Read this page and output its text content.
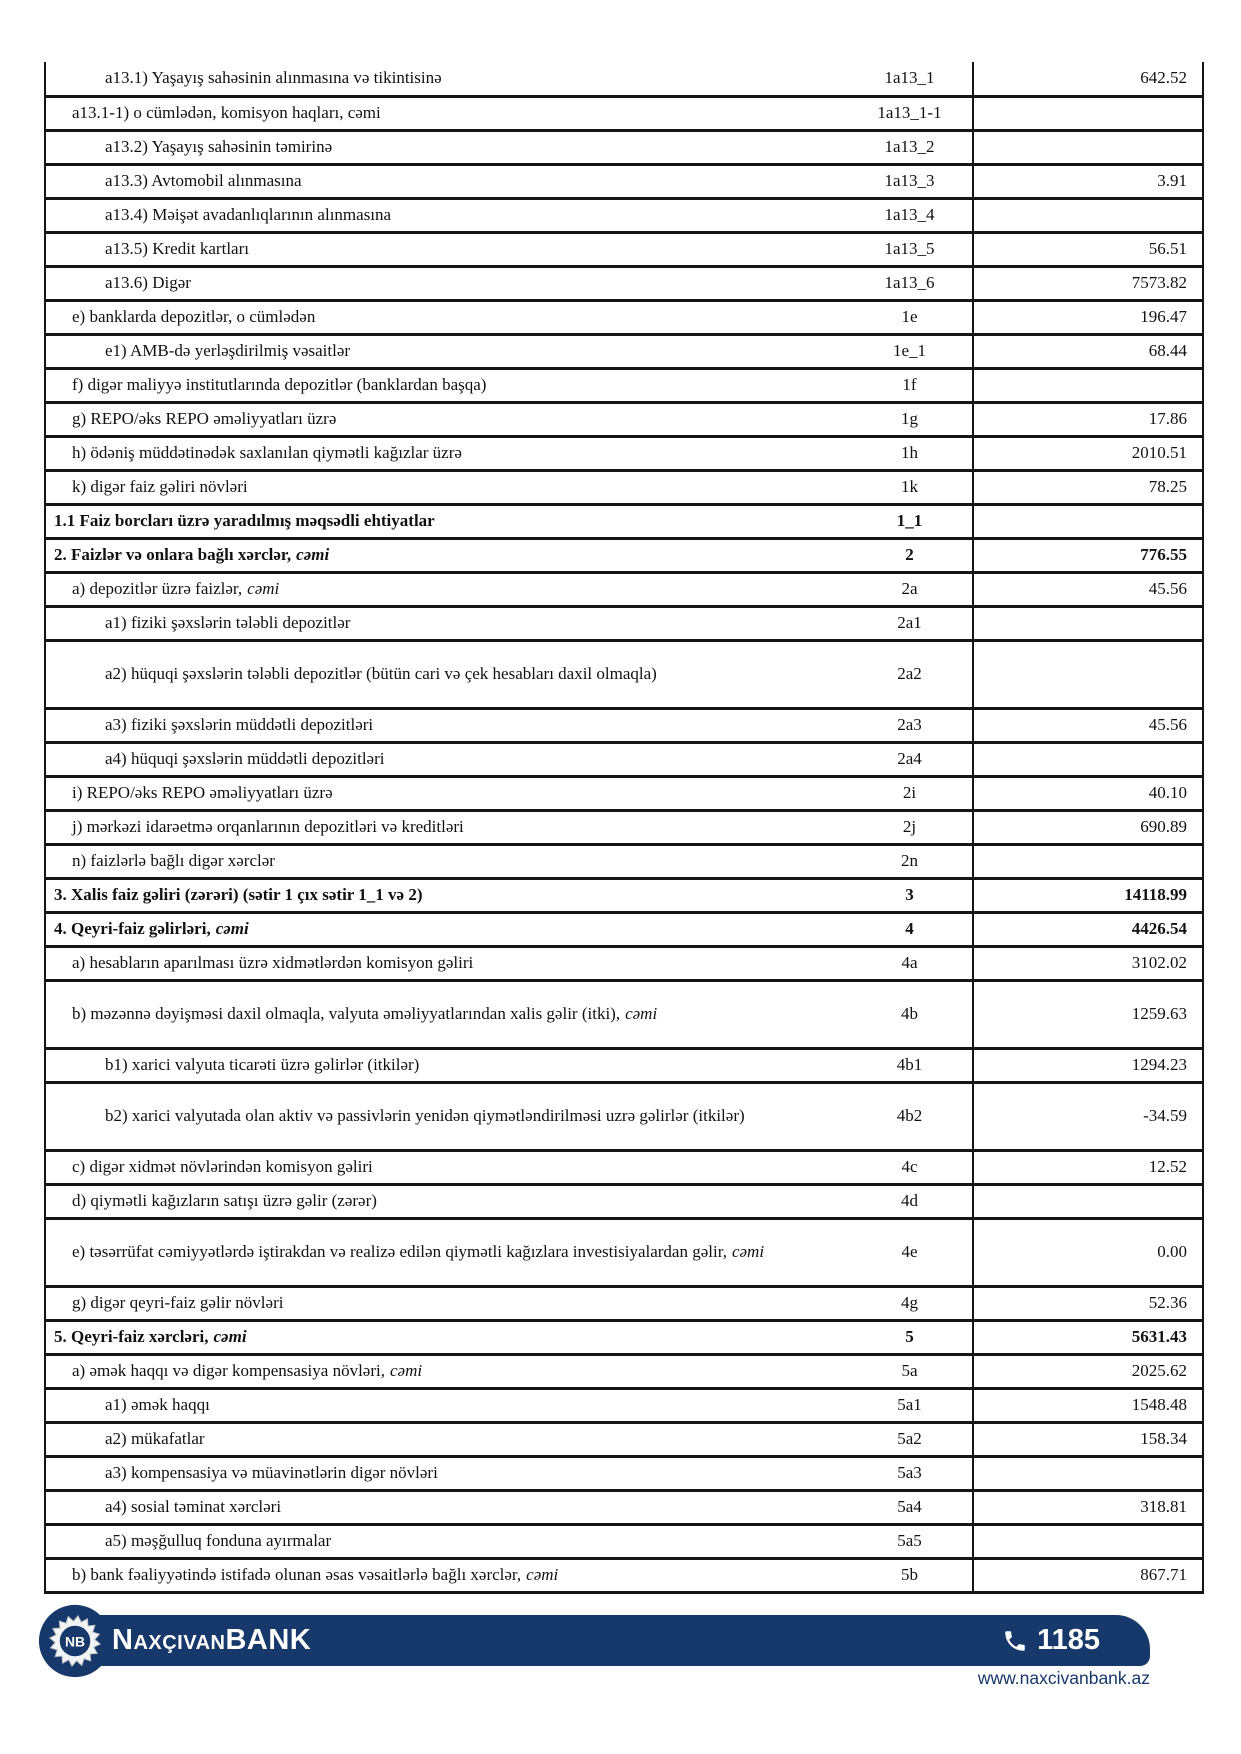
a13.1) Yaşayış sahəsinin alınmasına və tikintisinə	1a13_1	642.52
a13.1-1) o cümlədən, komisyon haqları, cəmi	1a13_1-1	
a13.2) Yaşayış sahəsinin təmirinə	1a13_2	
a13.3) Avtomobil alınmasına	1a13_3	3.91
a13.4) Məişət avadanlıqlarının alınmasına	1a13_4	
a13.5) Kredit kartları	1a13_5	56.51
a13.6) Digər	1a13_6	7573.82
e) banklarda depozitlər, o cümlədən	1e	196.47
e1) AMB-də yerləşdirilmiş vəsaitlər	1e_1	68.44
f) digər maliyyə institutlarında depozitlər (banklardan başqa)	1f	
g) REPO/əks REPO əməliyyatları üzrə	1g	17.86
h) ödəniş müddətinədək saxlanılan qiymətli kağızlar üzrə	1h	2010.51
k) digər faiz gəliri növləri	1k	78.25
1.1 Faiz borcları üzrə yaradılmış məqsədli ehtiyatlar	1_1	
2. Faizlər və onlara bağlı xərclər, cəmi	2	776.55
a) depozitlər üzrə faizlər, cəmi	2a	45.56
a1) fiziki şəxslərin tələbli depozitlər	2a1	
a2) hüquqi şəxslərin tələbli depozitlər (bütün cari və çek hesabları daxil olmaqla)	2a2	
a3) fiziki şəxslərin müddətli depozitləri	2a3	45.56
a4) hüquqi şəxslərin müddətli depozitləri	2a4	
i) REPO/əks REPO əməliyyatları üzrə	2i	40.10
j) mərkəzi idarəetmə orqanlarının depozitləri və kreditləri	2j	690.89
n) faizlərlə bağlı digər xərclər	2n	
3. Xalis faiz gəliri (zərəri) (sətir 1 çıx sətir 1_1 və 2)	3	14118.99
4. Qeyri-faiz gəlirləri, cəmi	4	4426.54
a) hesabların aparılması üzrə xidmətlərdən komisyon gəliri	4a	3102.02
b) məzənnə dəyişməsi daxil olmaqla, valyuta əməliyyatlarından xalis gəlir (itki), cəmi	4b	1259.63
b1) xarici valyuta ticarəti üzrə gəlirlər (itkilər)	4b1	1294.23
b2) xarici valyutada olan aktiv və passivlərin yenidən qiymətləndirilməsi uzrə gəlirlər (itkilər)	4b2	-34.59
c) digər xidmət növlərindən komisyon gəliri	4c	12.52
d) qiymətli kağızların satışı üzrə gəlir (zərər)	4d	
e) təsərrüfat cəmiyyətlərdə iştirakdan və realizə edilən qiymətli kağızlara investisiyalardan gəlir, cəmi	4e	0.00
g) digər qeyri-faiz gəlir növləri	4g	52.36
5. Qeyri-faiz xərcləri, cəmi	5	5631.43
a) əmək haqqı və digər kompensasiya növləri, cəmi	5a	2025.62
a1) əmək haqqı	5a1	1548.48
a2) mükafatlar	5a2	158.34
a3) kompensasiya və müavinətlərin digər növləri	5a3	
a4) sosial təminat xərcləri	5a4	318.81
a5) məşğulluq fonduna ayırmalar	5a5	
b) bank fəaliyyətində istifadə olunan əsas vəsaitlərlə bağlı xərclər, cəmi	5b	867.71
NB Naxçıvan BANK	1185
www.naxcivanbank.az
